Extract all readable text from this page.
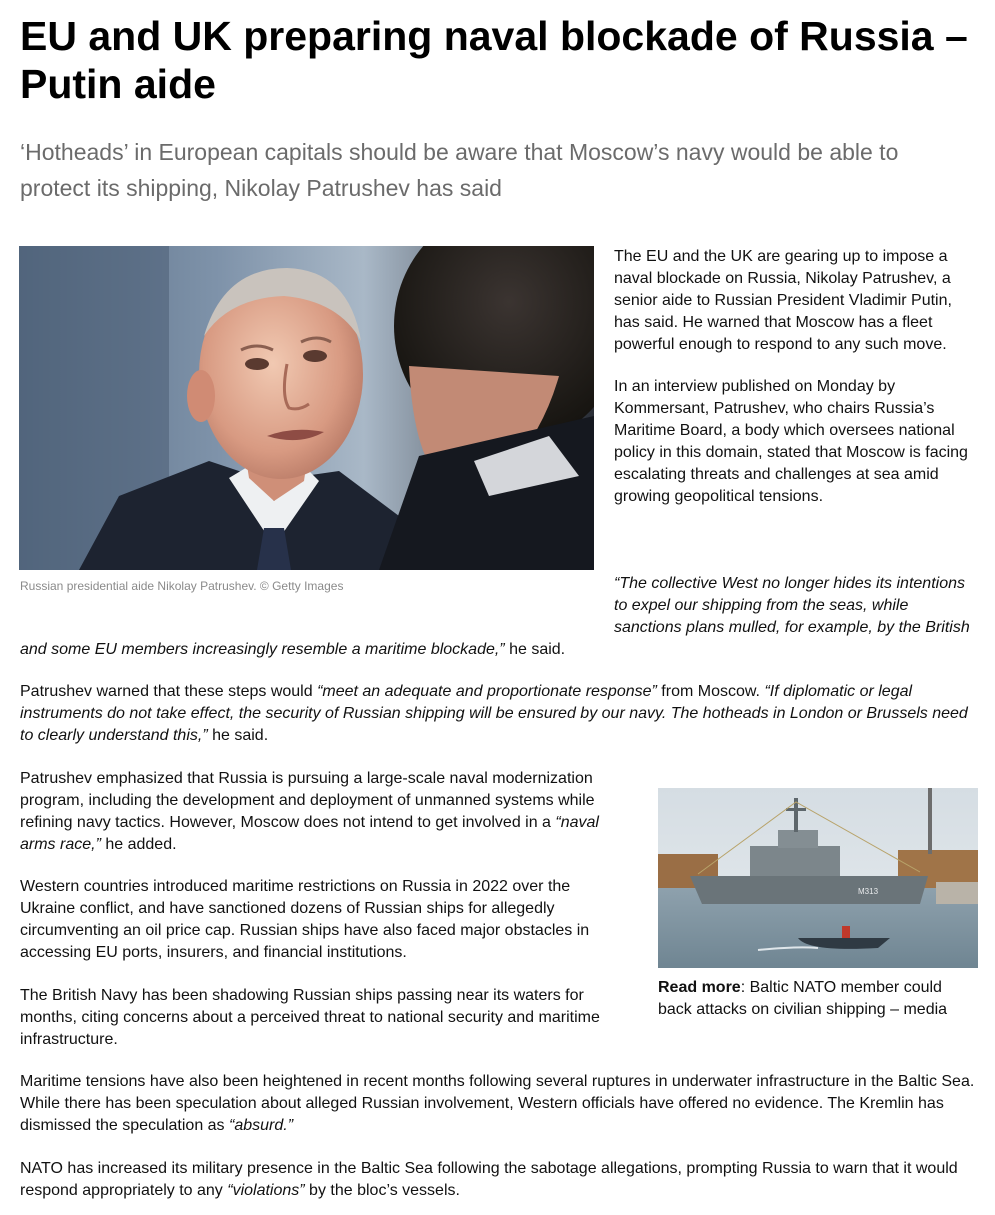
EU and UK preparing naval blockade of Russia – Putin aide

‘Hotheads’ in European capitals should be aware that Moscow’s navy would be able to protect its shipping, Nikolay Patrushev has said

Russian presidential aide Nikolay Patrushev. © Getty Images

The EU and the UK are gearing up to impose a naval blockade on Russia, Nikolay Patrushev, a senior aide to Russian President Vladimir Putin, has said. He warned that Moscow has a fleet powerful enough to respond to any such move.

In an interview published on Monday by Kommersant, Patrushev, who chairs Russia’s Maritime Board, a body which oversees national policy in this domain, stated that Moscow is facing escalating threats and challenges at sea amid growing geopolitical tensions.

“The collective West no longer hides its intentions to expel our shipping from the seas, while sanctions plans mulled, for example, by the British and some EU members increasingly resemble a maritime blockade,” he said.

Patrushev warned that these steps would “meet an adequate and proportionate response” from Moscow. “If diplomatic or legal instruments do not take effect, the security of Russian shipping will be ensured by our navy. The hotheads in London or Brussels need to clearly understand this,” he said.

Patrushev emphasized that Russia is pursuing a large-scale naval modernization program, including the development and deployment of unmanned systems while refining navy tactics. However, Moscow does not intend to get involved in a “naval arms race,” he added.

Western countries introduced maritime restrictions on Russia in 2022 over the Ukraine conflict, and have sanctioned dozens of Russian ships for allegedly circumventing an oil price cap. Russian ships have also faced major obstacles in accessing EU ports, insurers, and financial institutions.

The British Navy has been shadowing Russian ships passing near its waters for months, citing concerns about a perceived threat to national security and maritime infrastructure.

M313

Read more: Baltic NATO member could back attacks on civilian shipping – media

Maritime tensions have also been heightened in recent months following several ruptures in underwater infrastructure in the Baltic Sea. While there has been speculation about alleged Russian involvement, Western officials have offered no evidence. The Kremlin has dismissed the speculation as “absurd.”

NATO has increased its military presence in the Baltic Sea following the sabotage allegations, prompting Russia to warn that it would respond appropriately to any “violations” by the bloc’s vessels.
